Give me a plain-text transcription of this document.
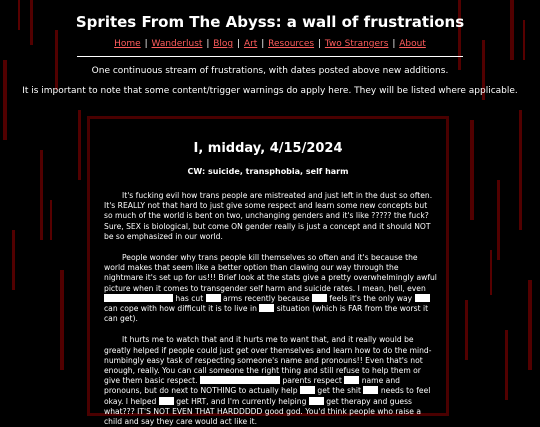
Sprites From The Abyss: a wall of frustrations
Home | Wanderlust | Blog | Art | Resources | Two Strangers | About

One continuous stream of frustrations, with dates posted above new additions.

It is important to note that some content/trigger warnings do apply here. They will be listed where applicable.

I, midday, 4/15/2024
CW: suicide, transphobia, self harm

It's fucking evil how trans people are mistreated and just left in the dust so often. It's REALLY not that hard to just give some respect and learn some new concepts but so much of the world is bent on two, unchanging genders and it's like ????? the fuck? Sure, SEX is biological, but come ON gender really is just a concept and it should NOT be so emphasized in our world.

People wonder why trans people kill themselves so often and it's because the world makes that seem like a better option than clawing our way through the nightmare it's set up for us!!! Brief look at the stats give a pretty overwhelmingly awful picture when it comes to transgender self harm and suicide rates. I mean, hell, even  has cut  arms recently because  feels it's the only way  can cope with how difficult it is to live in  situation (which is FAR from the worst it can get).

It hurts me to watch that and it hurts me to want that, and it really would be greatly helped if people could just get over themselves and learn how to do the mind-numbingly easy task of respecting someone's name and pronouns!! Even that's not enough, really. You can call someone the right thing and still refuse to help them or give them basic respect.	parents respect  name and pronouns, but do next to NOTHING to actually help  get the shit  needs to feel okay. I helped  get HRT, and I'm currently helping  get therapy and guess what??? IT'S NOT EVEN THAT HARDDDDD good god. You'd think people who raise a child and say they care would act like it.
